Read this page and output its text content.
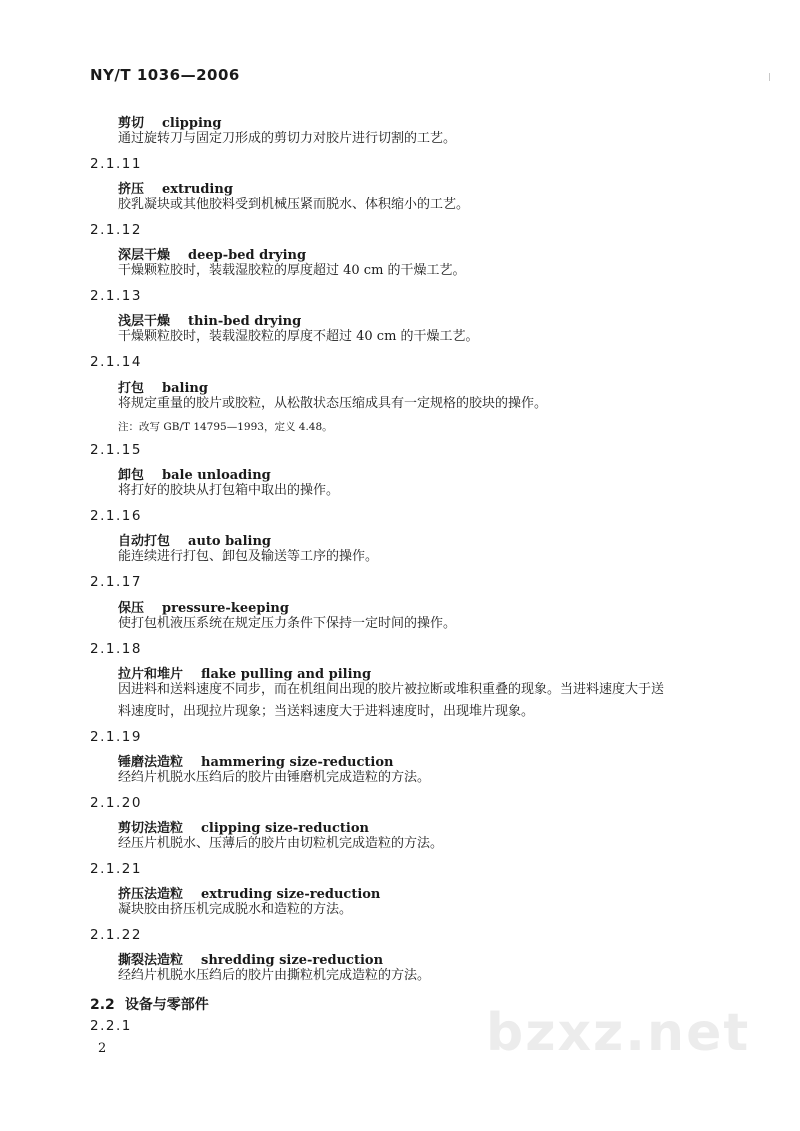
NY/T 1036—2006
剪切 clipping
通过旋转刀与固定刀形成的剪切力对胶片进行切割的工艺。
2.1.11
挤压 extruding
胶乳凝块或其他胶料受到机械压紧而脱水、体积缩小的工艺。
2.1.12
深层干燥 deep-bed drying
干燥颗粒胶时，装载湿胶粒的厚度超过 40 cm 的干燥工艺。
2.1.13
浅层干燥 thin-bed drying
干燥颗粒胶时，装载湿胶粒的厚度不超过 40 cm 的干燥工艺。
2.1.14
打包 baling
将规定重量的胶片或胶粒，从松散状态压缩成具有一定规格的胶块的操作。
注：改写 GB/T 14795—1993，定义 4.48。
2.1.15
卸包 bale unloading
将打好的胶块从打包箱中取出的操作。
2.1.16
自动打包 auto baling
能连续进行打包、卸包及输送等工序的操作。
2.1.17
保压 pressure-keeping
使打包机液压系统在规定压力条件下保持一定时间的操作。
2.1.18
拉片和堆片 flake pulling and piling
因进料和送料速度不同步，而在机组间出现的胶片被拉断或堆积重叠的现象。当进料速度大于送
料速度时，出现拉片现象；当送料速度大于进料速度时，出现堆片现象。
2.1.19
锤磨法造粒 hammering size-reduction
经绉片机脱水压绉后的胶片由锤磨机完成造粒的方法。
2.1.20
剪切法造粒 clipping size-reduction
经压片机脱水、压薄后的胶片由切粒机完成造粒的方法。
2.1.21
挤压法造粒 extruding size-reduction
凝块胶由挤压机完成脱水和造粒的方法。
2.1.22
撕裂法造粒 shredding size-reduction
经绉片机脱水压绉后的胶片由撕粒机完成造粒的方法。
2.2 设备与零部件
2.2.1
2	bzxz.net
